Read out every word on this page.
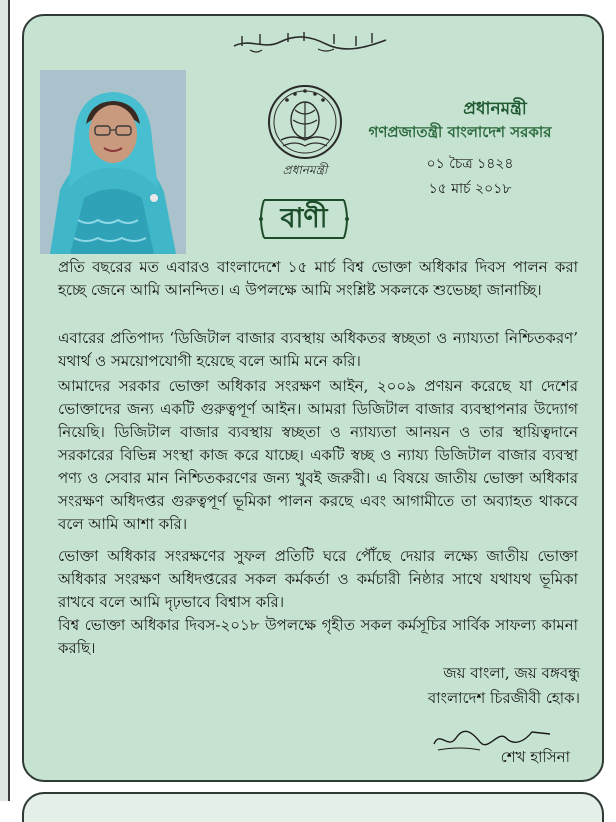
প্রধানমন্ত্রী
প্রধানমন্ত্রী
গণপ্রজাতন্ত্রী বাংলাদেশ সরকার
০১ চৈত্র ১৪২৪
১৫ মার্চ ২০১৮
বাণী
প্রতি বছরের মত এবারও বাংলাদেশে ১৫ মার্চ বিশ্ব ভোক্তা অধিকার দিবস পালন করা হচ্ছে জেনে আমি আনন্দিত। এ উপলক্ষে আমি সংশ্লিষ্ট সকলকে শুভেচ্ছা জানাচ্ছি।
এবারের প্রতিপাদ্য ‘ডিজিটাল বাজার ব্যবস্থায় অধিকতর স্বচ্ছতা ও ন্যায্যতা নিশ্চিতকরণ’ যথার্থ ও সময়োপযোগী হয়েছে বলে আমি মনে করি।
আমাদের সরকার ভোক্তা অধিকার সংরক্ষণ আইন, ২০০৯ প্রণয়ন করেছে যা দেশের ভোক্তাদের জন্য একটি গুরুত্বপূর্ণ আইন। আমরা ডিজিটাল বাজার ব্যবস্থাপনার উদ্যোগ নিয়েছি। ডিজিটাল বাজার ব্যবস্থায় স্বচ্ছতা ও ন্যায্যতা আনয়ন ও তার স্থায়িত্বদানে সরকারের বিভিন্ন সংস্থা কাজ করে যাচ্ছে। একটি স্বচ্ছ ও ন্যায্য ডিজিটাল বাজার ব্যবস্থা পণ্য ও সেবার মান নিশ্চিতকরণের জন্য খুবই জরুরী। এ বিষয়ে জাতীয় ভোক্তা অধিকার সংরক্ষণ অধিদপ্তর গুরুত্বপূর্ণ ভূমিকা পালন করছে এবং আগামীতে তা অব্যাহত থাকবে বলে আমি আশা করি।
ভোক্তা অধিকার সংরক্ষণের সুফল প্রতিটি ঘরে পৌঁছে দেয়ার লক্ষ্যে জাতীয় ভোক্তা অধিকার সংরক্ষণ অধিদপ্তরের সকল কর্মকর্তা ও কর্মচারী নিষ্ঠার সাথে যথাযথ ভূমিকা রাখবে বলে আমি দৃঢ়ভাবে বিশ্বাস করি।
বিশ্ব ভোক্তা অধিকার দিবস-২০১৮ উপলক্ষে গৃহীত সকল কর্মসূচির সার্বিক সাফল্য কামনা করছি।
জয় বাংলা, জয় বঙ্গবন্ধু
বাংলাদেশ চিরজীবী হোক।
শেখ হাসিনা
